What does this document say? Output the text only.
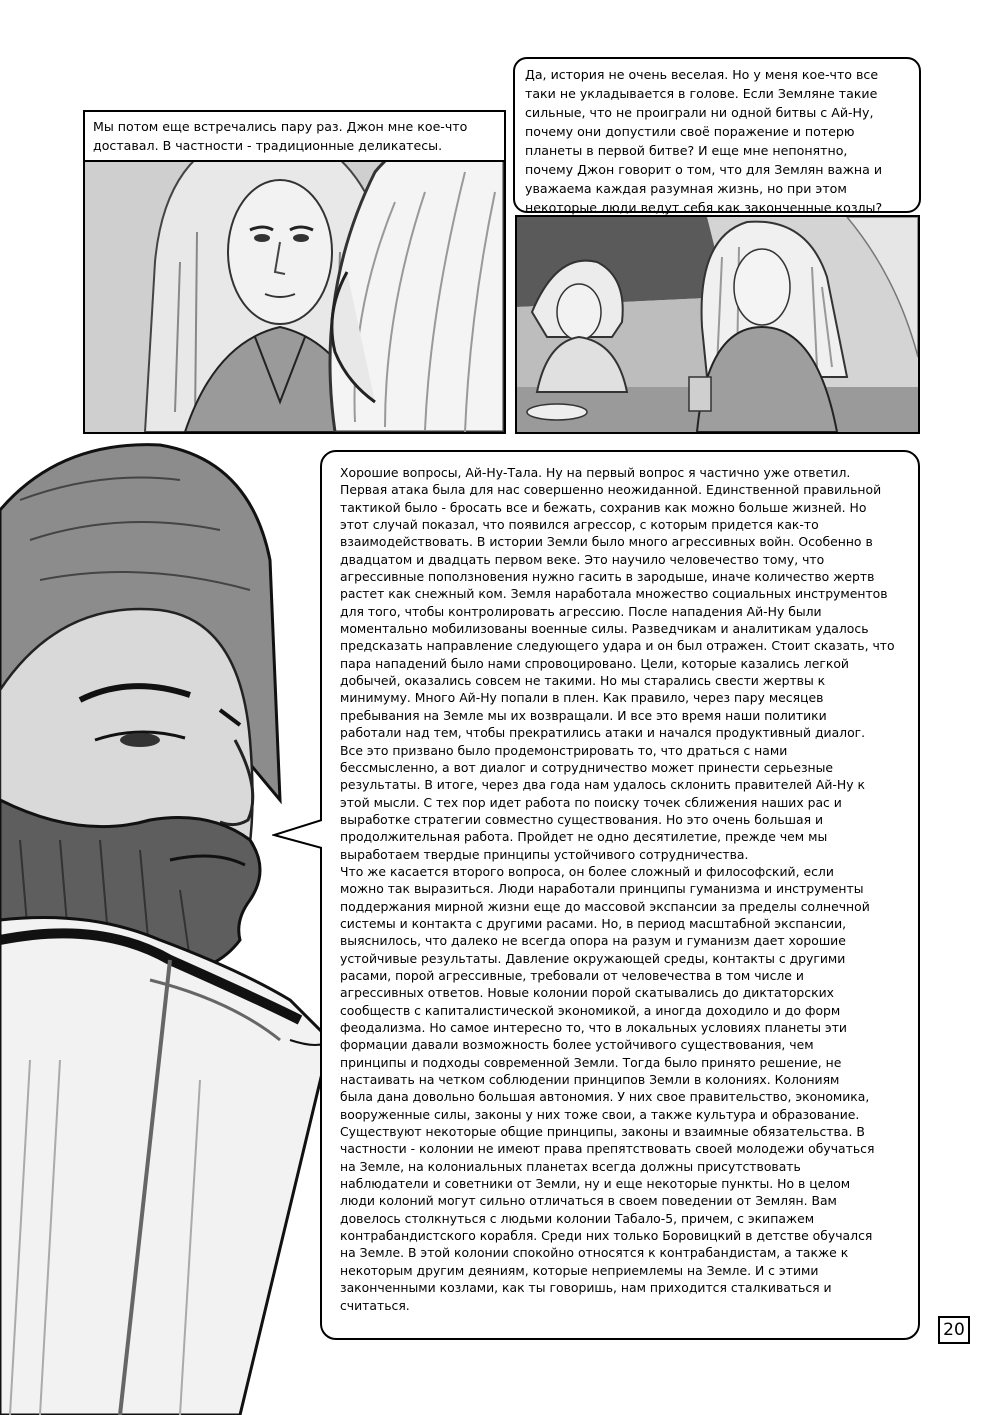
Мы потом еще встречались пару раз. Джон мне кое-что
доставал. В частности - традиционные деликатесы.
Да, история не очень веселая. Но у меня кое-что все
таки не укладывается в голове. Если Земляне такие
сильные, что не проиграли ни одной битвы с Ай-Ну,
почему они допустили своё поражение и потерю
планеты в первой битве? И еще мне непонятно,
почему Джон говорит о том, что для Землян важна и
уважаема каждая разумная жизнь, но при этом
некоторые люди ведут себя как законченные козлы?
Хорошие вопросы, Ай-Ну-Тала. Ну на первый вопрос я частично уже ответил.
Первая атака была для нас совершенно неожиданной. Единственной правильной
тактикой было - бросать все и бежать, сохранив как можно больше жизней. Но
этот случай показал, что появился агрессор, с которым придется как-то
взаимодействовать. В истории Земли было много агрессивных войн. Особенно в
двадцатом и двадцать первом веке. Это научило человечество тому, что
агрессивные поползновения нужно гасить в зародыше, иначе количество жертв
растет как снежный ком. Земля наработала множество социальных инструментов
для того, чтобы контролировать агрессию. После нападения Ай-Ну были
моментально мобилизованы военные силы. Разведчикам и аналитикам удалось
предсказать направление следующего удара и он был отражен. Стоит сказать, что
пара нападений было нами спровоцировано. Цели, которые казались легкой
добычей, оказались совсем не такими. Но мы старались свести жертвы к
минимуму. Много Ай-Ну попали в плен. Как правило, через пару месяцев
пребывания на Земле мы их возвращали. И все это время наши политики
работали над тем, чтобы прекратились атаки и начался продуктивный диалог.
Все это призвано было продемонстрировать то, что драться с нами
бессмысленно, а вот диалог и сотрудничество может принести серьезные
результаты. В итоге, через два года нам удалось склонить правителей Ай-Ну к
этой мысли. С тех пор идет работа по поиску точек сближения наших рас и
выработке стратегии совместно существования. Но это очень большая и
продолжительная работа. Пройдет не одно десятилетие, прежде чем мы
выработаем твердые принципы устойчивого сотрудничества.
Что же касается второго вопроса, он более сложный и философский, если
можно так выразиться. Люди наработали принципы гуманизма и инструменты
поддержания мирной жизни еще до массовой экспансии за пределы солнечной
системы и контакта с другими расами. Но, в период масштабной экспансии,
выяснилось, что далеко не всегда опора на разум и гуманизм дает хорошие
устойчивые результаты. Давление окружающей среды, контакты с другими
расами, порой агрессивные, требовали от человечества в том числе и
агрессивных ответов. Новые колонии порой скатывались до диктаторских
сообществ с капиталистической экономикой, а иногда доходило и до форм
феодализма. Но самое интересно то, что в локальных условиях планеты эти
формации давали возможность более устойчивого существования, чем
принципы и подходы современной Земли. Тогда было принято решение, не
настаивать на четком соблюдении принципов Земли в колониях. Колониям
была дана довольно большая автономия. У них свое правительство, экономика,
вооруженные силы, законы у них тоже свои, а также культура и образование.
Существуют некоторые общие принципы, законы и взаимные обязательства. В
частности - колонии не имеют права препятствовать своей молодежи обучаться
на Земле, на колониальных планетах всегда должны присутствовать
наблюдатели и советники от Земли, ну и еще некоторые пункты. Но в целом
люди колоний могут сильно отличаться в своем поведении от Землян. Вам
довелось столкнуться с людьми колонии Табало-5, причем, с экипажем
контрабандистского корабля. Среди них только Боровицкий в детстве обучался
на Земле. В этой колонии спокойно относятся к контрабандистам, а также к
некоторым другим деяниям, которые неприемлемы на Земле. И с этими
законченными козлами, как ты говоришь, нам приходится сталкиваться и
считаться.
20
